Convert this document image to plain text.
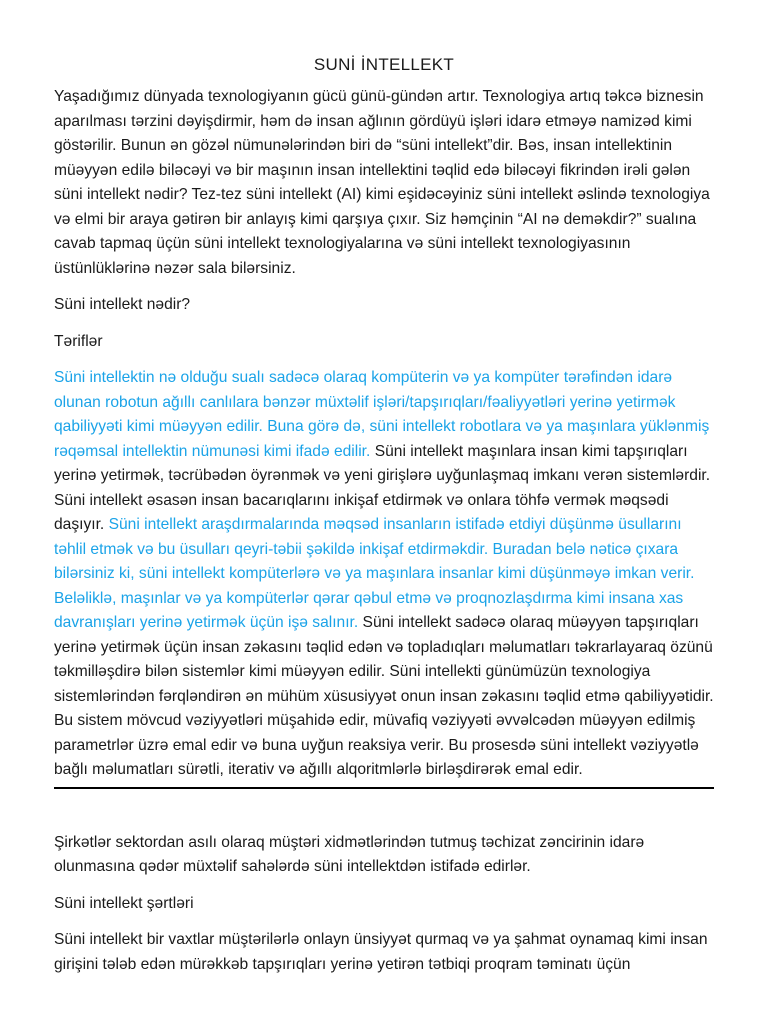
SUNİ İNTELLEKT

Yaşadığımız dünyada texnologiyanın gücü günü-gündən artır. Texnologiya artıq təkcə biznesin aparılması tərzini dəyişdirmir, həm də insan ağlının gördüyü işləri idarə etməyə namizəd kimi göstərilir. Bunun ən gözəl nümunələrindən biri də “süni intellekt”dir. Bəs, insan intellektinin müəyyən edilə biləcəyi və bir maşının insan intellektini təqlid edə biləcəyi fikrindən irəli gələn süni intellekt nədir? Tez-tez süni intellekt (AI) kimi eşidəcəyiniz süni intellekt əslində texnologiya və elmi bir araya gətirən bir anlayış kimi qarşıya çıxır. Siz həmçinin “AI nə deməkdir?” sualına cavab tapmaq üçün süni intellekt texnologiyalarına və süni intellekt texnologiyasının üstünlüklərinə nəzər sala bilərsiniz.

Süni intellekt nədir?

Təriflər

Süni intellektin nə olduğu sualı sadəcə olaraq kompüterin və ya kompüter tərəfindən idarə olunan robotun ağıllı canlılara bənzər müxtəlif işləri/tapşırıqları/fəaliyyətləri yerinə yetirmək qabiliyyəti kimi müəyyən edilir. Buna görə də, süni intellekt robotlara və ya maşınlara yüklənmiş rəqəmsal intellektin nümunəsi kimi ifadə edilir. Süni intellekt maşınlara insan kimi tapşırıqları yerinə yetirmək, təcrübədən öyrənmək və yeni girişlərə uyğunlaşmaq imkanı verən sistemlərdir. Süni intellekt əsasən insan bacarıqlarını inkişaf etdirmək və onlara töhfə vermək məqsədi daşıyır. Süni intellekt araşdırmalarında məqsəd insanların istifadə etdiyi düşünmə üsullarını təhlil etmək və bu üsulları qeyri-təbii şəkildə inkişaf etdirməkdir. Buradan belə nəticə çıxara bilərsiniz ki, süni intellekt kompüterlərə və ya maşınlara insanlar kimi düşünməyə imkan verir. Beləliklə, maşınlar və ya kompüterlər qərar qəbul etmə və proqnozlaşdırma kimi insana xas davranışları yerinə yetirmək üçün işə salınır. Süni intellekt sadəcə olaraq müəyyən tapşırıqları yerinə yetirmək üçün insan zəkasını təqlid edən və topladıqları məlumatları təkrarlayaraq özünü təkmilləşdirə bilən sistemlər kimi müəyyən edilir. Süni intellekti günümüzün texnologiya sistemlərindən fərqləndirən ən mühüm xüsusiyyət onun insan zəkasını təqlid etmə qabiliyyətidir. Bu sistem mövcud vəziyyətləri müşahidə edir, müvafiq vəziyyəti əvvəlcədən müəyyən edilmiş parametrlər üzrə emal edir və buna uyğun reaksiya verir. Bu prosesdə süni intellekt vəziyyətlə bağlı məlumatları sürətli, iterativ və ağıllı alqoritmlərlə birləşdirərək emal edir.

Şirkətlər sektordan asılı olaraq müştəri xidmətlərindən tutmuş təchizat zəncirinin idarə olunmasına qədər müxtəlif sahələrdə süni intellektdən istifadə edirlər.

Süni intellekt şərtləri

Süni intellekt bir vaxtlar müştərilərlə onlayn ünsiyyət qurmaq və ya şahmat oynamaq kimi insan girişini tələb edən mürəkkəb tapşırıqları yerinə yetirən tətbiqi proqram təminatı üçün
